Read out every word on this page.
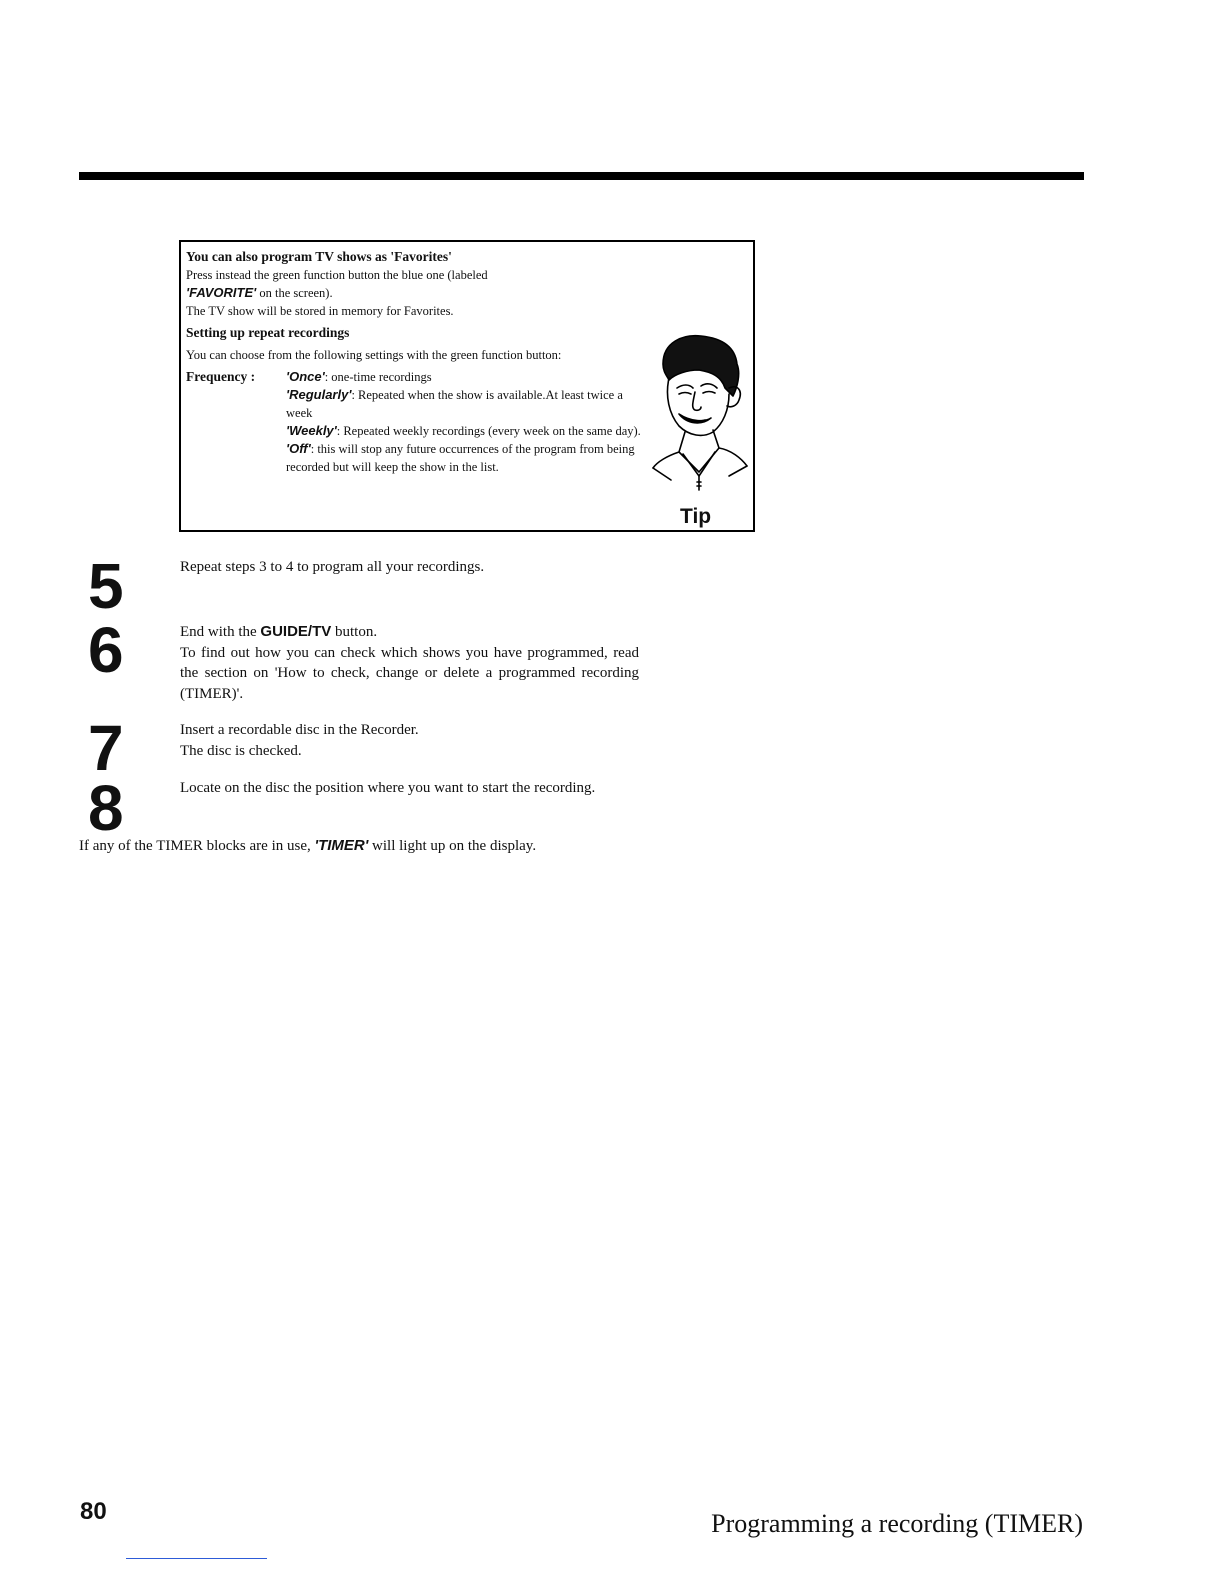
You can also program TV shows as 'Favorites'

Press instead the green function button the blue one (labeled

'FAVORITE' on the screen).

The TV show will be stored in memory for Favorites.

Setting up repeat recordings

You can choose from the following settings with the green function button:

Frequency :	'Once': one-time recordings

'Regularly': Repeated when the show is available.At least twice a week

'Weekly': Repeated weekly recordings (every week on the same day).

'Off': this will stop any future occurrences of the program from being recorded but will keep the show in the list.

Tip
5	Repeat steps 3 to 4 to program all your recordings.

6	End with the GUIDE/TV button.

To find out how you can check which shows you have programmed, read the section on 'How to check, change or delete a programmed recording (TIMER)'.

7	Insert a recordable disc in the Recorder.

The disc is checked.

8	Locate on the disc the position where you want to start the recording.

If any of the TIMER blocks are in use, 'TIMER' will light up on the display.
80	Programming a recording (TIMER)
